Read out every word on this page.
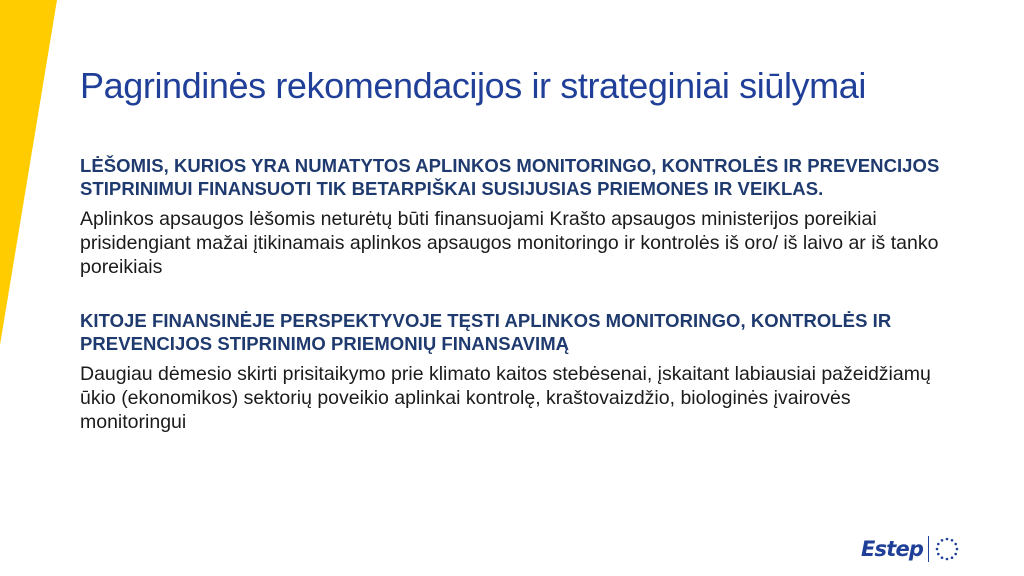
Pagrindinės rekomendacijos ir strateginiai siūlymai

LĖŠOMIS, KURIOS YRA NUMATYTOS APLINKOS MONITORINGO, KONTROLĖS IR PREVENCIJOS STIPRINIMUI FINANSUOTI TIK BETARPIŠKAI SUSIJUSIAS PRIEMONES IR VEIKLAS.

Aplinkos apsaugos lėšomis neturėtų būti finansuojami Krašto apsaugos ministerijos poreikiai prisidengiant mažai įtikinamais aplinkos apsaugos monitoringo ir kontrolės iš oro/ iš laivo ar iš tanko poreikiais

KITOJE FINANSINĖJE PERSPEKTYVOJE TĘSTI APLINKOS MONITORINGO, KONTROLĖS IR PREVENCIJOS STIPRINIMO PRIEMONIŲ FINANSAVIMĄ

Daugiau dėmesio skirti prisitaikymo prie klimato kaitos stebėsenai, įskaitant labiausiai pažeidžiamų ūkio (ekonomikos) sektorių poveikio aplinkai kontrolę, kraštovaizdžio, biologinės įvairovės monitoringui

Estep
